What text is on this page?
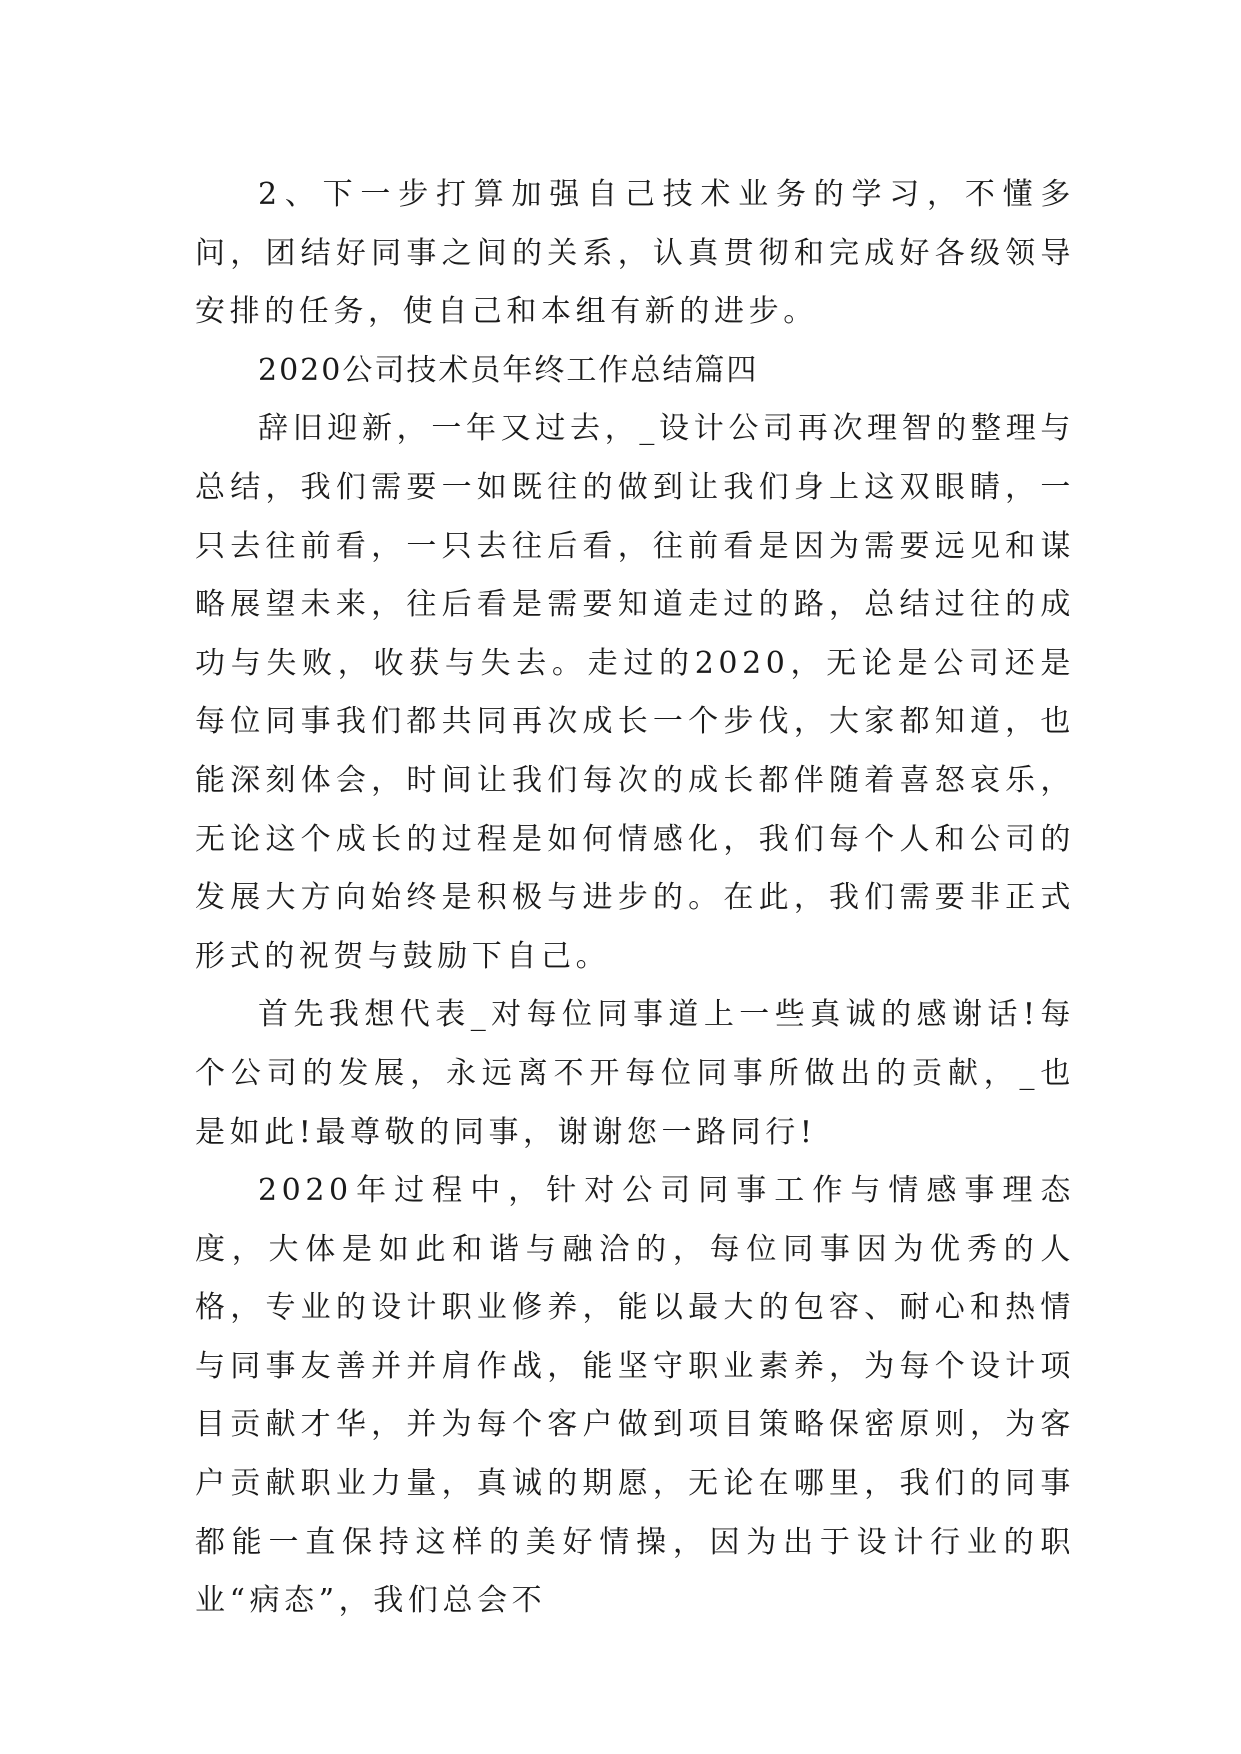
2、下一步打算加强自己技术业务的学习，不懂多问，团结好同事之间的关系，认真贯彻和完成好各级领导安排的任务，使自己和本组有新的进步。

2020公司技术员年终工作总结篇四

辞旧迎新，一年又过去，_设计公司再次理智的整理与总结，我们需要一如既往的做到让我们身上这双眼睛，一只去往前看，一只去往后看，往前看是因为需要远见和谋略展望未来，往后看是需要知道走过的路，总结过往的成功与失败，收获与失去。走过的2020，无论是公司还是每位同事我们都共同再次成长一个步伐，大家都知道，也能深刻体会，时间让我们每次的成长都伴随着喜怒哀乐，无论这个成长的过程是如何情感化，我们每个人和公司的发展大方向始终是积极与进步的。在此，我们需要非正式形式的祝贺与鼓励下自己。

首先我想代表_对每位同事道上一些真诚的感谢话!每个公司的发展，永远离不开每位同事所做出的贡献，_也是如此!最尊敬的同事，谢谢您一路同行!

2020年过程中，针对公司同事工作与情感事理态度，大体是如此和谐与融洽的，每位同事因为优秀的人格，专业的设计职业修养，能以最大的包容、耐心和热情与同事友善并并肩作战，能坚守职业素养，为每个设计项目贡献才华，并为每个客户做到项目策略保密原则，为客户贡献职业力量，真诚的期愿，无论在哪里，我们的同事都能一直保持这样的美好情操，因为出于设计行业的职业“病态”，我们总会不
